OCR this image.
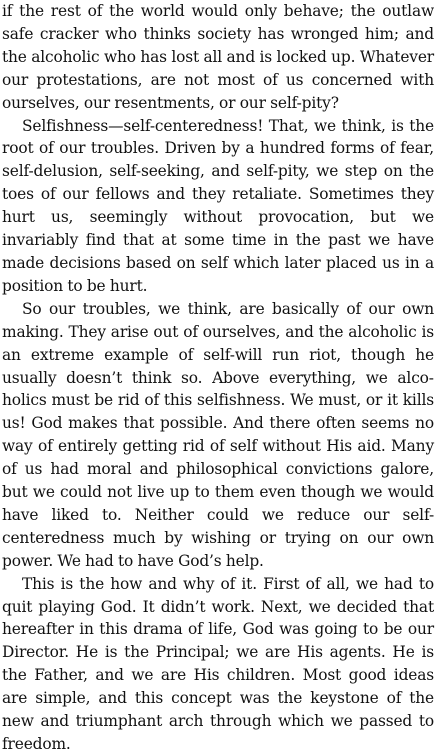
if the rest of the world would only behave; the outlaw safe cracker who thinks society has wronged him; and the alcoholic who has lost all and is locked up. Whatever our protestations, are not most of us concerned with ourselves, our resentments, or our self-pity?

Selfishness—self-centeredness! That, we think, is the root of our troubles. Driven by a hundred forms of fear, self-delusion, self-seeking, and self-pity, we step on the toes of our fellows and they retaliate. Sometimes they hurt us, seemingly without provocation, but we invariably find that at some time in the past we have made decisions based on self which later placed us in a position to be hurt.

So our troubles, we think, are basically of our own making. They arise out of ourselves, and the alcoholic is an extreme example of self-will run riot, though he usually doesn’t think so. Above everything, we alcoholics must be rid of this selfishness. We must, or it kills us! God makes that possible. And there often seems no way of entirely getting rid of self without His aid. Many of us had moral and philosophical convictions galore, but we could not live up to them even though we would have liked to. Neither could we reduce our self-centeredness much by wishing or trying on our own power. We had to have God’s help.

This is the how and why of it. First of all, we had to quit playing God. It didn’t work. Next, we decided that hereafter in this drama of life, God was going to be our Director. He is the Principal; we are His agents. He is the Father, and we are His children. Most good ideas are simple, and this concept was the keystone of the new and triumphant arch through which we passed to freedom.
